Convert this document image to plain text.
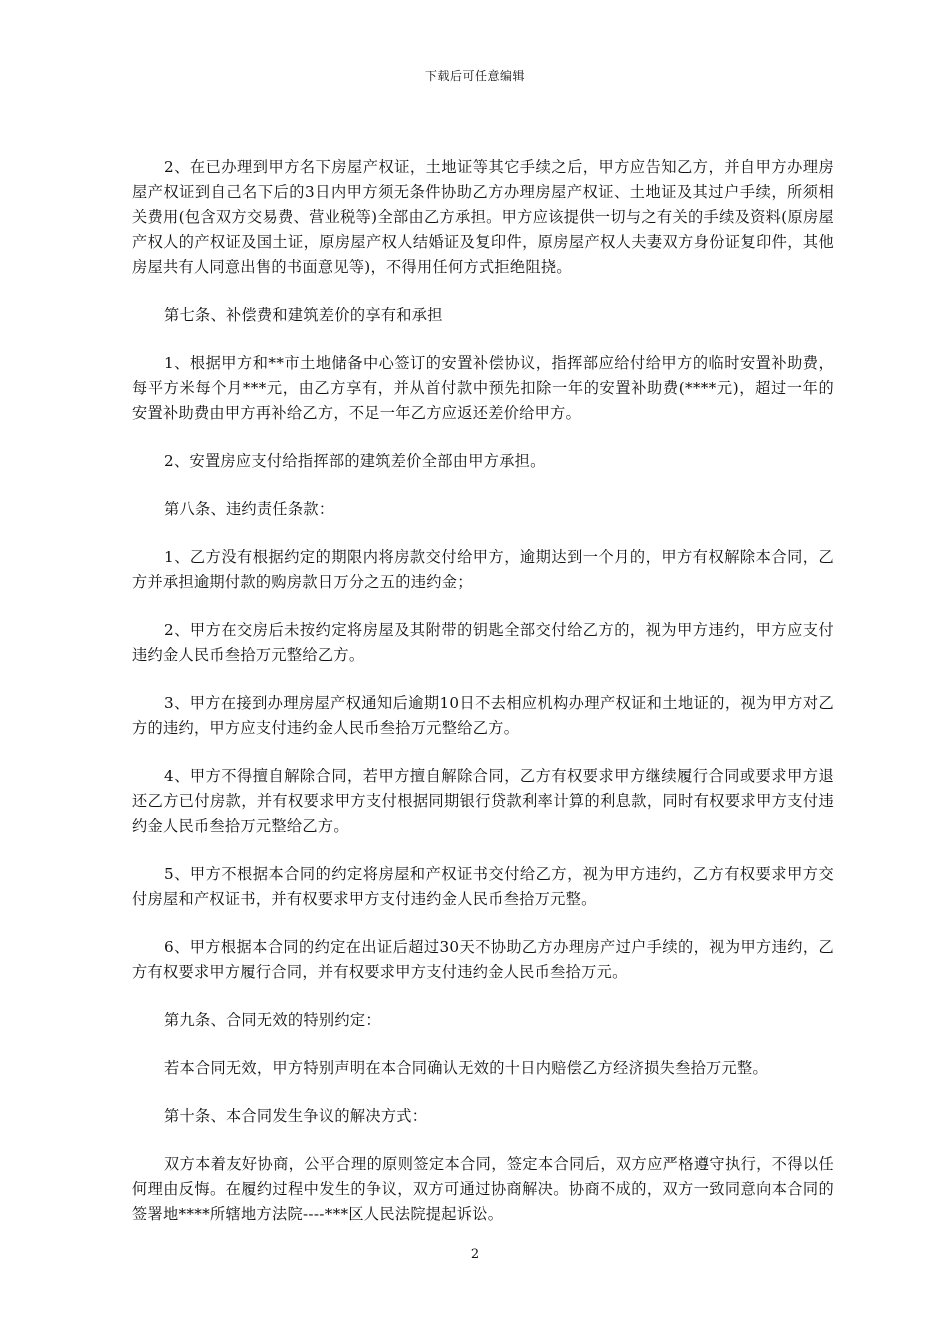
下载后可任意编辑

2、在已办理到甲方名下房屋产权证，土地证等其它手续之后，甲方应告知乙方，并自甲方办理房屋产权证到自己名下后的3日内甲方须无条件协助乙方办理房屋产权证、土地证及其过户手续，所须相关费用(包含双方交易费、营业税等)全部由乙方承担。甲方应该提供一切与之有关的手续及资料(原房屋产权人的产权证及国土证，原房屋产权人结婚证及复印件，原房屋产权人夫妻双方身份证复印件，其他房屋共有人同意出售的书面意见等)，不得用任何方式拒绝阻挠。

第七条、补偿费和建筑差价的享有和承担

1、根据甲方和**市土地储备中心签订的安置补偿协议，指挥部应给付给甲方的临时安置补助费，每平方米每个月***元，由乙方享有，并从首付款中预先扣除一年的安置补助费(****元)，超过一年的安置补助费由甲方再补给乙方，不足一年乙方应返还差价给甲方。

2、安置房应支付给指挥部的建筑差价全部由甲方承担。

第八条、违约责任条款：

1、乙方没有根据约定的期限内将房款交付给甲方，逾期达到一个月的，甲方有权解除本合同，乙方并承担逾期付款的购房款日万分之五的违约金；

2、甲方在交房后未按约定将房屋及其附带的钥匙全部交付给乙方的，视为甲方违约，甲方应支付违约金人民币叁拾万元整给乙方。

3、甲方在接到办理房屋产权通知后逾期10日不去相应机构办理产权证和土地证的，视为甲方对乙方的违约，甲方应支付违约金人民币叁拾万元整给乙方。

4、甲方不得擅自解除合同，若甲方擅自解除合同，乙方有权要求甲方继续履行合同或要求甲方退还乙方已付房款，并有权要求甲方支付根据同期银行贷款利率计算的利息款，同时有权要求甲方支付违约金人民币叁拾万元整给乙方。

5、甲方不根据本合同的约定将房屋和产权证书交付给乙方，视为甲方违约，乙方有权要求甲方交付房屋和产权证书，并有权要求甲方支付违约金人民币叁拾万元整。

6、甲方根据本合同的约定在出证后超过30天不协助乙方办理房产过户手续的，视为甲方违约，乙方有权要求甲方履行合同，并有权要求甲方支付违约金人民币叁拾万元。

第九条、合同无效的特别约定：

若本合同无效，甲方特别声明在本合同确认无效的十日内赔偿乙方经济损失叁拾万元整。

第十条、本合同发生争议的解决方式：

双方本着友好协商，公平合理的原则签定本合同，签定本合同后，双方应严格遵守执行，不得以任何理由反悔。在履约过程中发生的争议，双方可通过协商解决。协商不成的，双方一致同意向本合同的签署地****所辖地方法院----***区人民法院提起诉讼。

2
